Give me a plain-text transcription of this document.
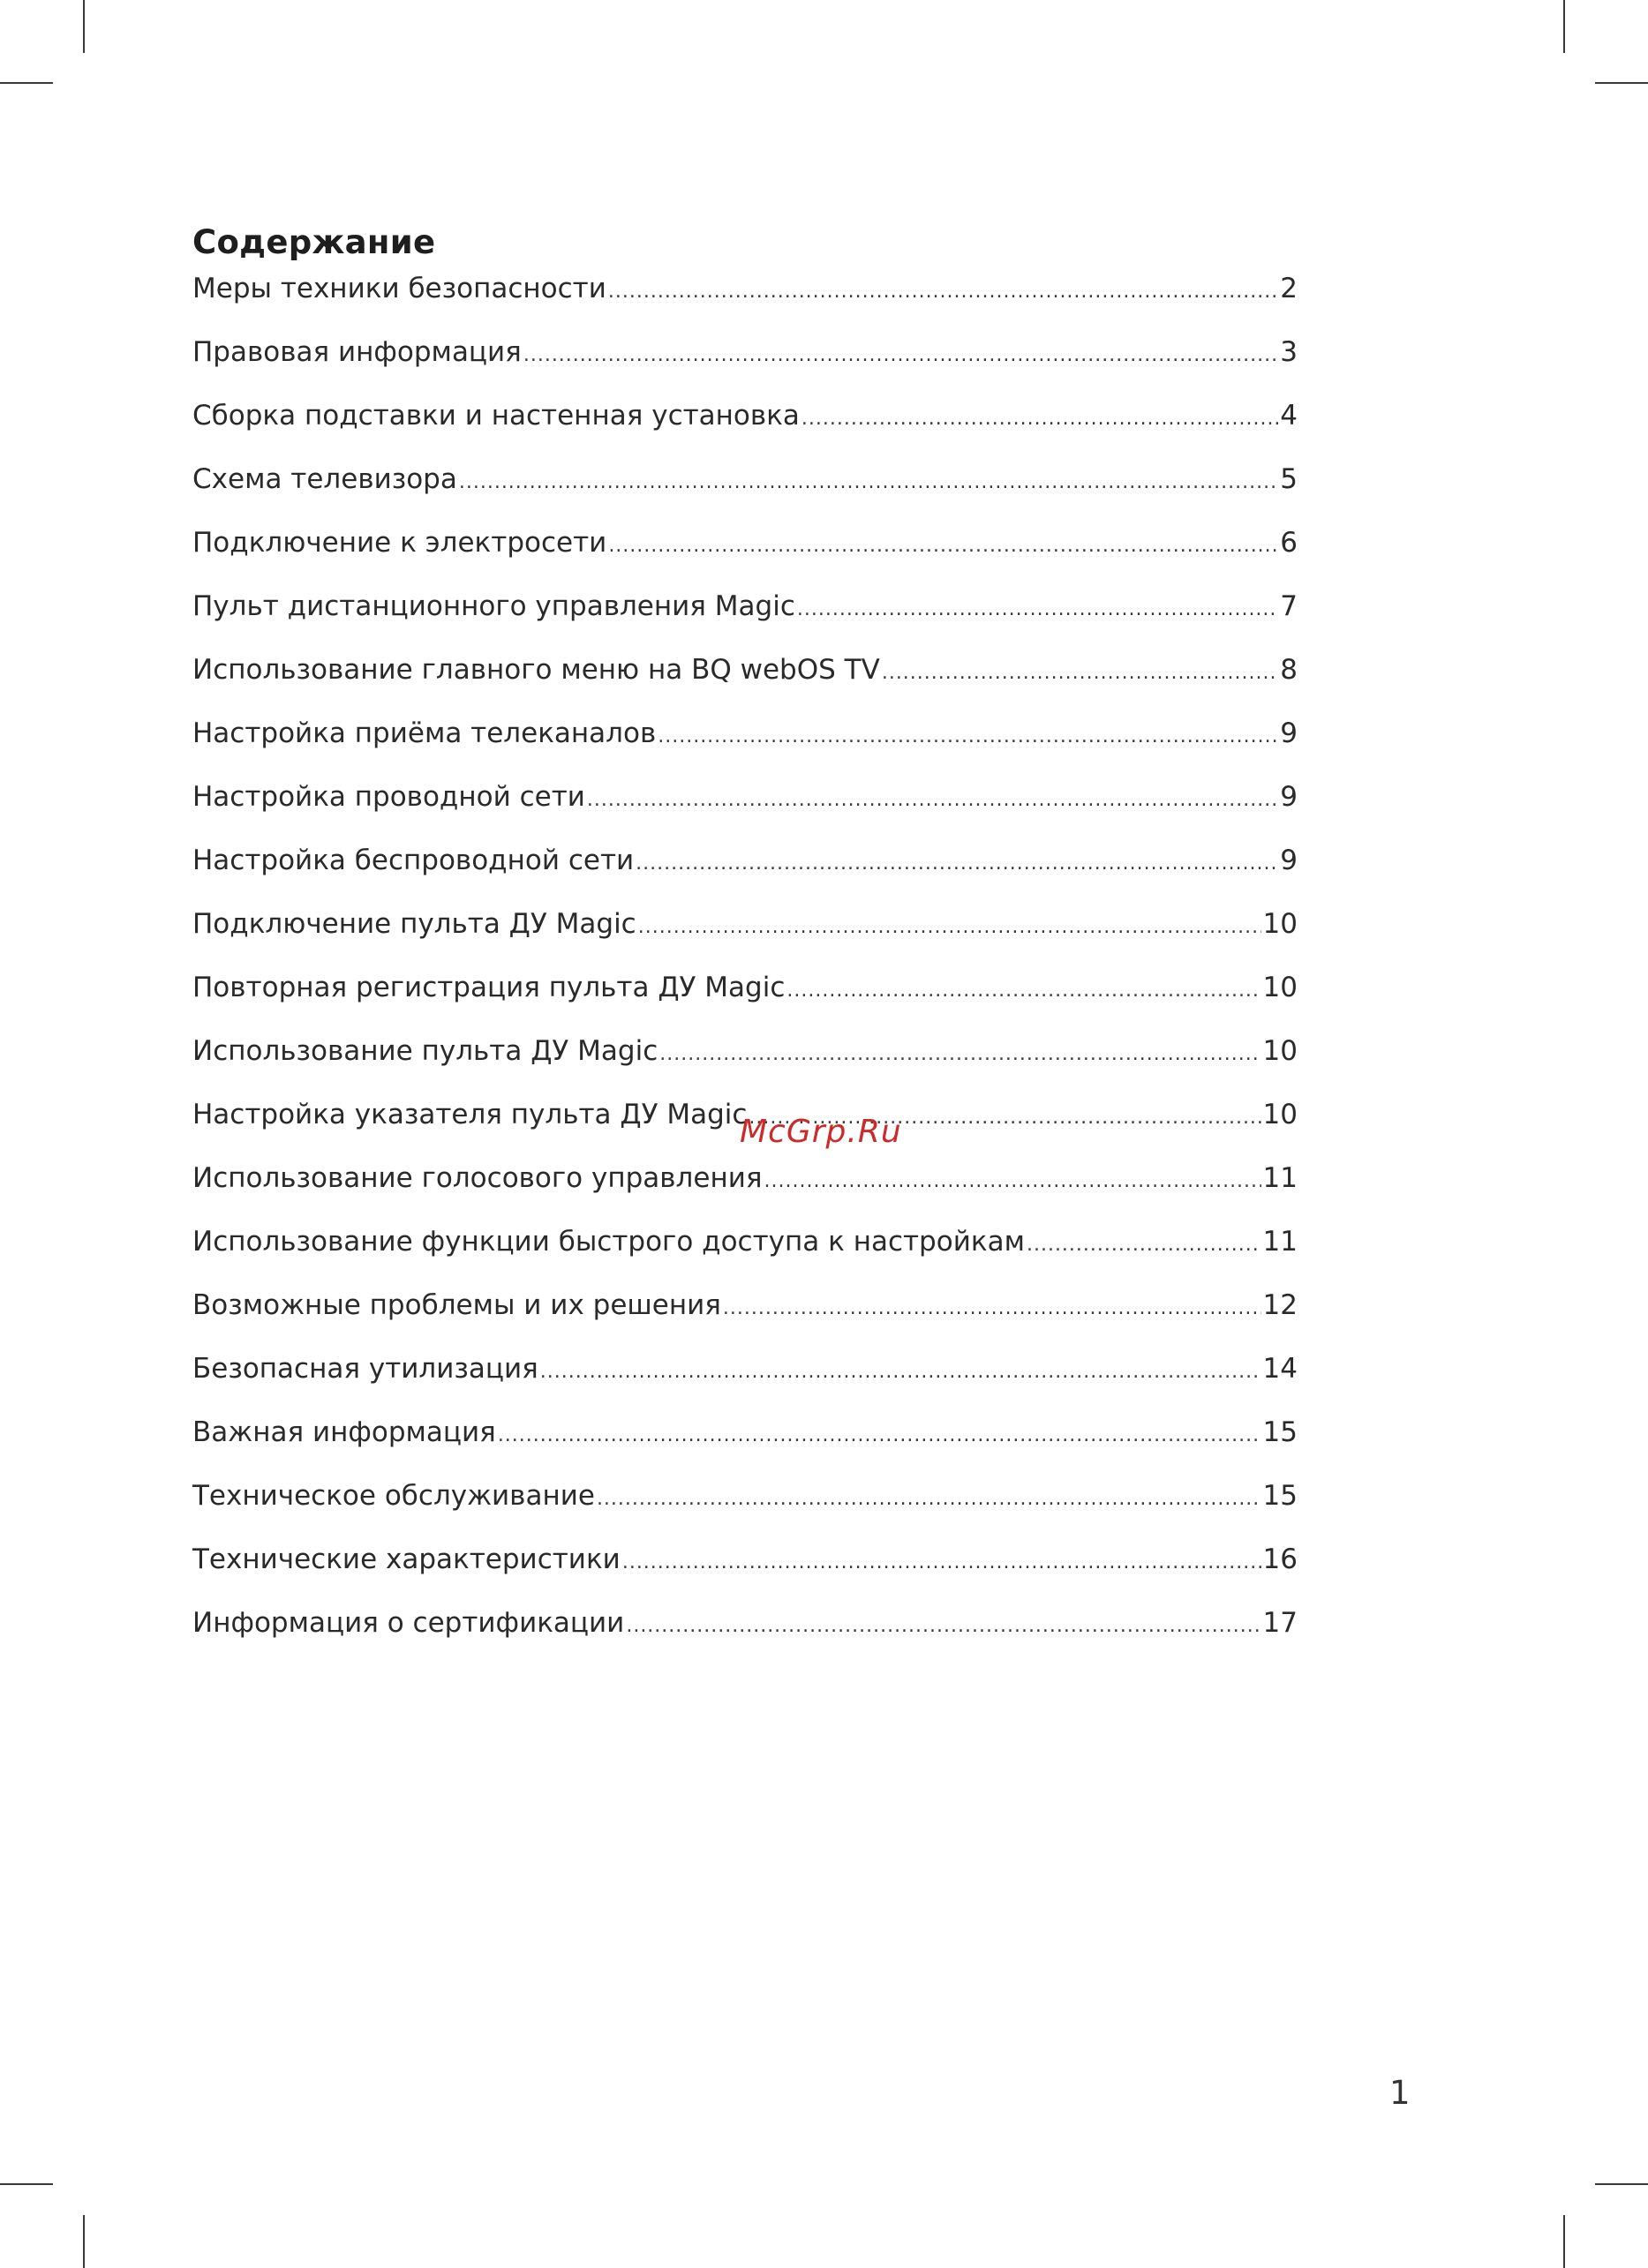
Содержание
Меры техники безопасности .....	2
Правовая информация .....	3
Сборка подставки и настенная установка .....	4
Схема телевизора .....	5
Подключение к электросети .....	6
Пульт дистанционного управления Magic .....	7
Использование главного меню на BQ webOS TV .....	8
Настройка приёма телеканалов .....	9
Настройка проводной сети .....	9
Настройка беспроводной сети .....	9
Подключение пульта ДУ Magic .....	10
Повторная регистрация пульта ДУ Magic .....	10
Использование пульта ДУ Magic .....	10
Настройка указателя пульта ДУ Magic .....	10
Использование голосового управления .....	11
Использование функции быстрого доступа к настройкам .....	11
Возможные проблемы и их решения .....	12
Безопасная утилизация .....	14
Важная информация .....	15
Техническое обслуживание .....	15
Технические характеристики .....	16
Информация о сертификации .....	17
McGrp.Ru
1
